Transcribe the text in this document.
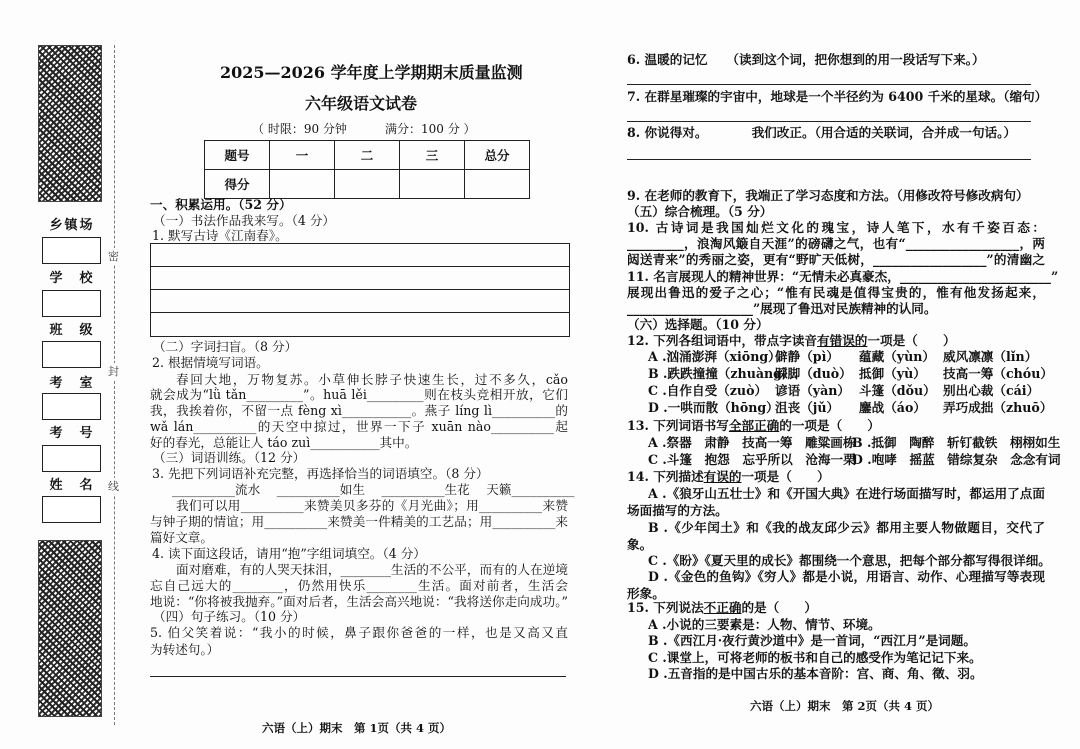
乡镇场
学　校
班　级
考　室
考　号
姓　名
密
封
线
2025—2026 学年度上学期期末质量监测
六年级语文试卷
（ 时限：90 分钟	满分：100 分 ）
题号	一	二	三	总分
得分				
一、积累运用。（52 分）
（一）书法作品我来写。（4 分）
1. 默写古诗《江南春》。
（二）字词扫盲。（8 分）
2. 根据情境写词语。
春回大地，万物复苏。小草伸长脖子快速生长，过不多久，cǎo
就会成为“lǜ tǎn_________”。huā lěi_________则在枝头竞相开放，它们
我，我挨着你，不留一点 fèng xì___________。燕子 líng lì__________的
wǎ lán__________的天空中掠过，世界一下子 xuān nào__________起
好的春光，总能让人 táo zuì___________其中。
（三）词语训练。（12 分）
3. 先把下列词语补充完整，再选择恰当的词语填空。（8 分）
__________流水　 __________如生　 __________生花　 天籁__________
我们可以用__________来赞美贝多芬的《月光曲》；用__________来赞
与钟子期的情谊；用__________来赞美一件精美的工艺品；用__________来
篇好文章。
4. 读下面这段话，请用“抱”字组词填空。（4 分）
面对磨难，有的人哭天抹泪，________生活的不公平，而有的人在逆境
忘自己远大的________，仍然用快乐________生活。面对前者，生活会
地说：“你将被我抛弃。”面对后者，生活会高兴地说：“我将送你走向成功。”
（四）句子练习。（10 分）
5. 伯父笑着说：“我小的时候，鼻子跟你爸爸的一样，也是又高又直
为转述句。）
六语（上）期末　第 1页（共 4 页）
6. 温暖的记忆　　（读到这个词，把你想到的用一段话写下来。）
7. 在群星璀璨的宇宙中，地球是一个半径约为 6400 千米的星球。（缩句）
8. 你说得对。　　　　我们改正。（用合适的关联词，合并成一句话。）
9. 在老师的教育下，我端正了学习态度和方法。（用修改符号修改病句）
（五）综合梳理。（5 分）
10. 古诗词是我国灿烂文化的瑰宝，诗人笔下，水有千姿百态：
_________，浪淘风簸自天涯”的磅礴之气，也有“__________________，两
闼送青来”的秀丽之姿，更有“野旷天低树，__________________”的清幽之
11. 名言展现人的精神世界：“无情未必真豪杰，________________________”
展现出鲁迅的爱子之心；“惟有民魂是值得宝贵的，惟有他发扬起来，
____________________”展现了鲁迅对民族精神的认同。
（六）选择题。（10 分）
12. 下列各组词语中，带点字读音有错误的一项是（　　）
A .汹涌澎湃（xiōng）
僻静（pì） 蕴藏（yùn） 威风凛凛（lǐn）
B .跌跌撞撞（zhuàng）
踩脚（duò） 抵御（yù） 技高一筹（chóu）
C .自作自受（zuò） 谚语（yàn） 斗篷（dǒu） 别出心裁（cái）
D .一哄而散（hōng）
沮丧（jǔ） 鏖战（áo） 弄巧成拙（zhuō）
13. 下列词语书写全部正确的一项是（　　）
A .祭器　肃静　技高一筹　雕粱画栋
B .抵御　陶醉　斩钉截铁　栩栩如生
C .斗篷　抱怨　忘乎所以　沧海一栗
D .咆哮　摇蓝　错综复杂　念念有词
14. 下列描述有误的一项是（　　）
A .《狼牙山五壮士》和《开国大典》在进行场面描写时，都运用了点面
场面描写的方法。
B .《少年闰土》和《我的战友邱少云》都用主要人物做题目，交代了
象。
C .《盼》《夏天里的成长》都围绕一个意思，把每个部分都写得很详细。
D .《金色的鱼钩》《穷人》都是小说，用语言、动作、心理描写等表现
形象。
15. 下列说法不正确的是（　　）
A .小说的三要素是：人物、情节、环境。
B .《西江月·夜行黄沙道中》是一首词，“西江月”是词题。
C .课堂上，可将老师的板书和自己的感受作为笔记记下来。
D .五音指的是中国古乐的基本音阶：宫、商、角、徵、羽。
六语（上）期末　第 2页（共 4 页）
